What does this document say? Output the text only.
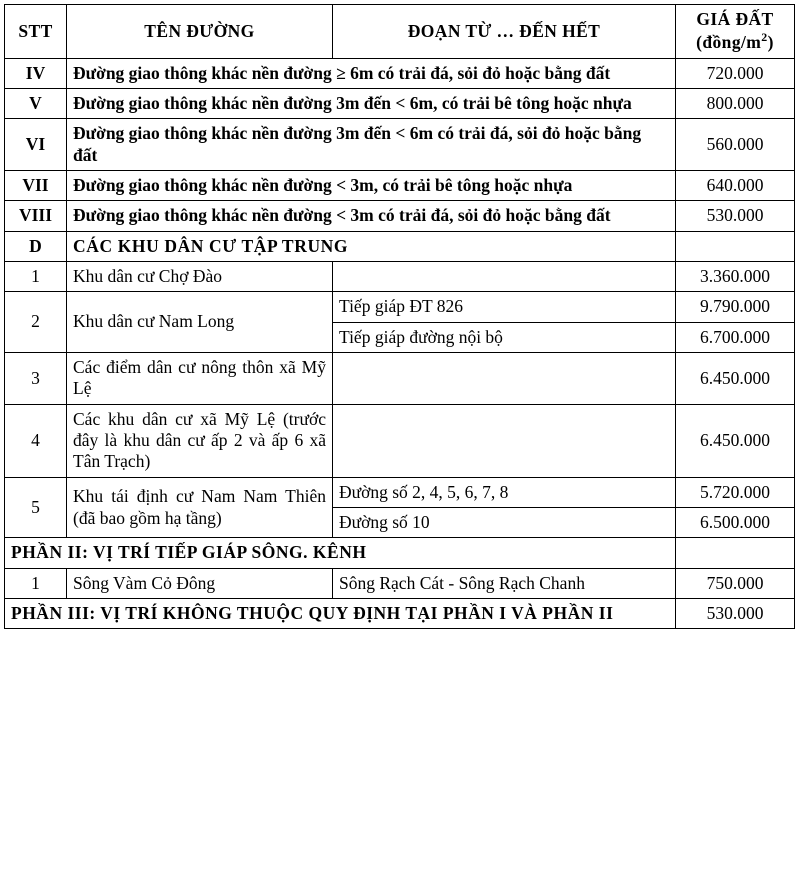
STT	TÊN ĐƯỜNG	ĐOẠN TỪ … ĐẾN HẾT	GIÁ ĐẤT
$(đồng/m^2)$

IV	Đường giao thông khác nền đường ≥ 6m có trải đá, sỏi đỏ hoặc bằng đất		720.000
V	Đường giao thông khác nền đường 3m đến < 6m, có trải bê tông hoặc nhựa		800.000
VI	Đường giao thông khác nền đường 3m đến < 6m có trải đá, sỏi đỏ hoặc bằng đất		560.000
VII	Đường giao thông khác nền đường < 3m, có trải bê tông hoặc nhựa		640.000
VIII	Đường giao thông khác nền đường < 3m có trải đá, sỏi đỏ hoặc bằng đất		530.000
D	CÁC KHU DÂN CƯ TẬP TRUNG		
1	Khu dân cư Chợ Đào		3.360.000
2	Khu dân cư Nam Long	Tiếp giáp ĐT 826	9.790.000
		Tiếp giáp đường nội bộ	6.700.000
3	Các điểm dân cư nông thôn xã Mỹ Lệ		6.450.000
4	Các khu dân cư xã Mỹ Lệ (trước đây là khu dân cư ấp 2 và ấp 6 xã Tân Trạch)		6.450.000
5	Khu tái định cư Nam Nam Thiên (đã bao gồm hạ tầng)	Đường số 2, 4, 5, 6, 7, 8	5.720.000
		Đường số 10	6.500.000
PHẦN II: VỊ TRÍ TIẾP GIÁP SÔNG. KÊNH			
1	Sông Vàm Cỏ Đông	Sông Rạch Cát - Sông Rạch Chanh	750.000
PHẦN III: VỊ TRÍ KHÔNG THUỘC QUY ĐỊNH TẠI PHẦN I VÀ PHẦN II			530.000
